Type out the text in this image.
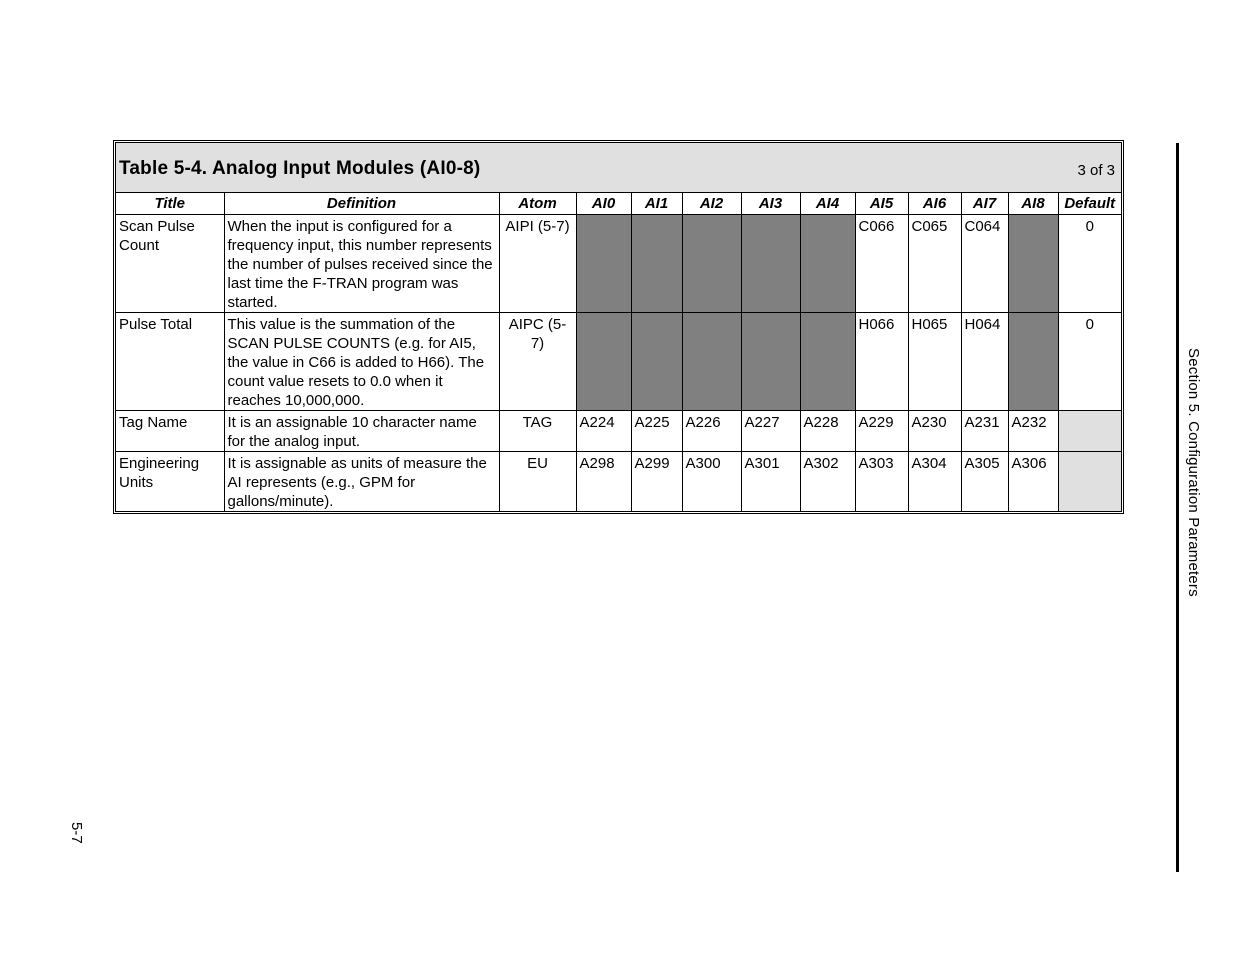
Table 5-4. Analog Input Modules (AI0-8)	3 of 3
Title	Definition	Atom	AI0	AI1	AI2	AI3	AI4	AI5	AI6	AI7	AI8	Default
Scan Pulse Count	When the input is configured for a frequency input, this number represents the number of pulses received since the last time the F-TRAN program was started.	AIPI (5-7)						C066	C065	C064		0
Pulse Total	This value is the summation of the SCAN PULSE COUNTS (e.g. for AI5, the value in C66 is added to H66). The count value resets to 0.0 when it reaches 10,000,000.	AIPC (5-7)						H066	H065	H064		0
Tag Name	It is an assignable 10 character name for the analog input.	TAG	A224	A225	A226	A227	A228	A229	A230	A231	A232	
Engineering Units	It is assignable as units of measure the AI represents (e.g., GPM for gallons/minute).	EU	A298	A299	A300	A301	A302	A303	A304	A305	A306		Section 5. Configuration Parameters
5-7
